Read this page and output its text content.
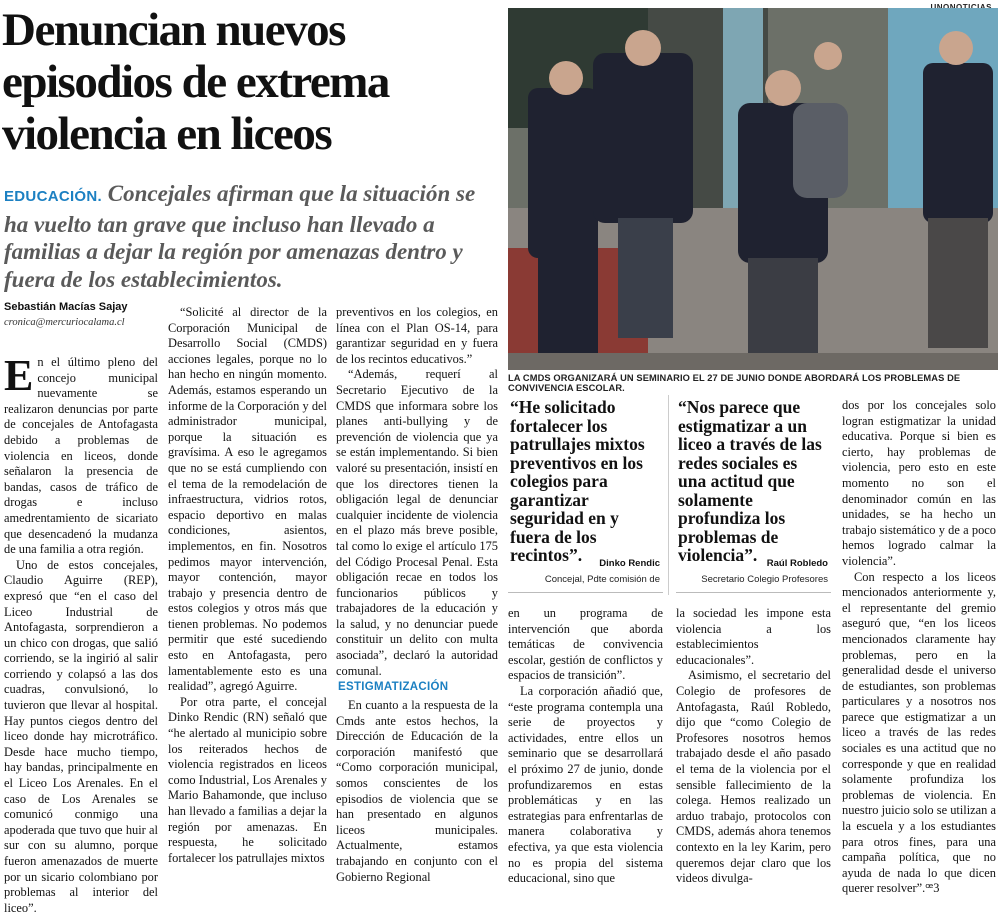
Denuncian nuevos episodios de extrema violencia en liceos
EDUCACIÓN. Concejales afirman que la situación se ha vuelto tan grave que incluso han llevado a familias a dejar la región por amenazas dentro y fuera de los establecimientos.
Sebastián Macías Sajay
cronica@mercuriocalama.cl

En el último pleno del concejo municipal nuevamente se realizaron denuncias por parte de concejales de Antofagasta debido a problemas de violencia en liceos, donde señalaron la presencia de bandas, casos de tráfico de drogas e incluso amedrentamiento de sicariato que desencadenó la mudanza de una familia a otra región.

Uno de estos concejales, Claudio Aguirre (REP), expresó que “en el caso del Liceo Industrial de Antofagasta, sorprendieron a un chico con drogas, que salió corriendo, se la ingirió al salir corriendo y colapsó a las dos cuadras, convulsionó, lo tuvieron que llevar al hospital. Hay puntos ciegos dentro del liceo donde hay microtráfico. Desde hace mucho tiempo, hay bandas, principalmente en el Liceo Los Arenales. En el caso de Los Arenales se comunicó conmigo una apoderada que tuvo que huir al sur con su alumno, porque fueron amenazados de muerte por un sicario colombiano por problemas al interior del liceo”.

“Solicité al director de la Corporación Municipal de Desarrollo Social (CMDS) acciones legales, porque no lo han hecho en ningún momento. Además, estamos esperando un informe de la Corporación y del administrador municipal, porque la situación es gravísima. A eso le agregamos que no se está cumpliendo con el tema de la remodelación de infraestructura, vidrios rotos, espacio deportivo en malas condiciones, asientos, implementos, en fin. Nosotros pedimos mayor intervención, mayor contención, mayor trabajo y presencia dentro de estos colegios y otros más que tienen problemas. No podemos permitir que esté sucediendo esto en Antofagasta, pero lamentablemente esto es una realidad”, agregó Aguirre.

Por otra parte, el concejal Dinko Rendic (RN) señaló que “he alertado al municipio sobre los reiterados hechos de violencia registrados en liceos como Industrial, Los Arenales y Mario Bahamonde, que incluso han llevado a familias a dejar la región por amenazas. En respuesta, he solicitado fortalecer los patrullajes mixtos

preventivos en los colegios, en línea con el Plan OS-14, para garantizar seguridad en y fuera de los recintos educativos.”

“Además, requerí al Secretario Ejecutivo de la CMDS que informara sobre los planes anti-bullying y de prevención de violencia que ya se están implementando. Si bien valoré su presentación, insistí en que los directores tienen la obligación legal de denunciar cualquier incidente de violencia en el plazo más breve posible, tal como lo exige el artículo 175 del Código Procesal Penal. Esta obligación recae en todos los funcionarios públicos y trabajadores de la educación y la salud, y no denunciar puede constituir un delito con multa asociada”, declaró la autoridad comunal.

ESTIGMATIZACIÓN

En cuanto a la respuesta de la Cmds ante estos hechos, la Dirección de Educación de la corporación manifestó que “Como corporación municipal, somos conscientes de los episodios de violencia que se han presentado en algunos liceos municipales. Actualmente, estamos trabajando en conjunto con el Gobierno Regional

en un programa de intervención que aborda temáticas de convivencia escolar, gestión de conflictos y espacios de transición”.

La corporación añadió que, “este programa contempla una serie de proyectos y actividades, entre ellos un seminario que se desarrollará el próximo 27 de junio, donde profundizaremos en estas problemáticas y en las estrategias para enfrentarlas de manera colaborativa y efectiva, ya que esta violencia no es propia del sistema educacional, sino que

la sociedad les impone esta violencia a los establecimientos educacionales”.

Asimismo, el secretario del Colegio de profesores de Antofagasta, Raúl Robledo, dijo que “como Colegio de Profesores nosotros hemos trabajado desde el año pasado el tema de la violencia por el sensible fallecimiento de la colega. Hemos realizado un arduo trabajo, protocolos con CMDS, además ahora tenemos contexto en la ley Karim, pero queremos dejar claro que los videos divulga-

dos por los concejales solo logran estigmatizar la unidad educativa. Porque si bien es cierto, hay problemas de violencia, pero esto en este momento no son el denominador común en las unidades, se ha hecho un trabajo sistemático y de a poco hemos logrado calmar la violencia”.

Con respecto a los liceos mencionados anteriormente y, el representante del gremio aseguró que, “en los liceos mencionados claramente hay problemas, pero en la generalidad desde el universo de estudiantes, son problemas particulares y a nosotros nos parece que estigmatizar a un liceo a través de las redes sociales es una actitud que no corresponde y que en realidad solamente profundiza los problemas de violencia. En nuestro juicio solo se utilizan a la escuela y a los estudiantes para otros fines, para una campaña política, que no ayuda de nada lo que dicen querer resolver”.ꟹ3

LA CMDS ORGANIZARÁ UN SEMINARIO EL 27 DE JUNIO DONDE ABORDARÁ LOS PROBLEMAS DE CONVIVENCIA ESCOLAR.
“He solicitado fortalecer los patrullajes mixtos preventivos en los colegios para garantizar seguridad en y fuera de los recintos”.	Dinko Rendic
Concejal, Pdte comisión de
“Nos parece que estigmatizar a un liceo a través de las redes sociales es una actitud que solamente profundiza los problemas de violencia”.	Raúl Robledo
Secretario Colegio Profesores
